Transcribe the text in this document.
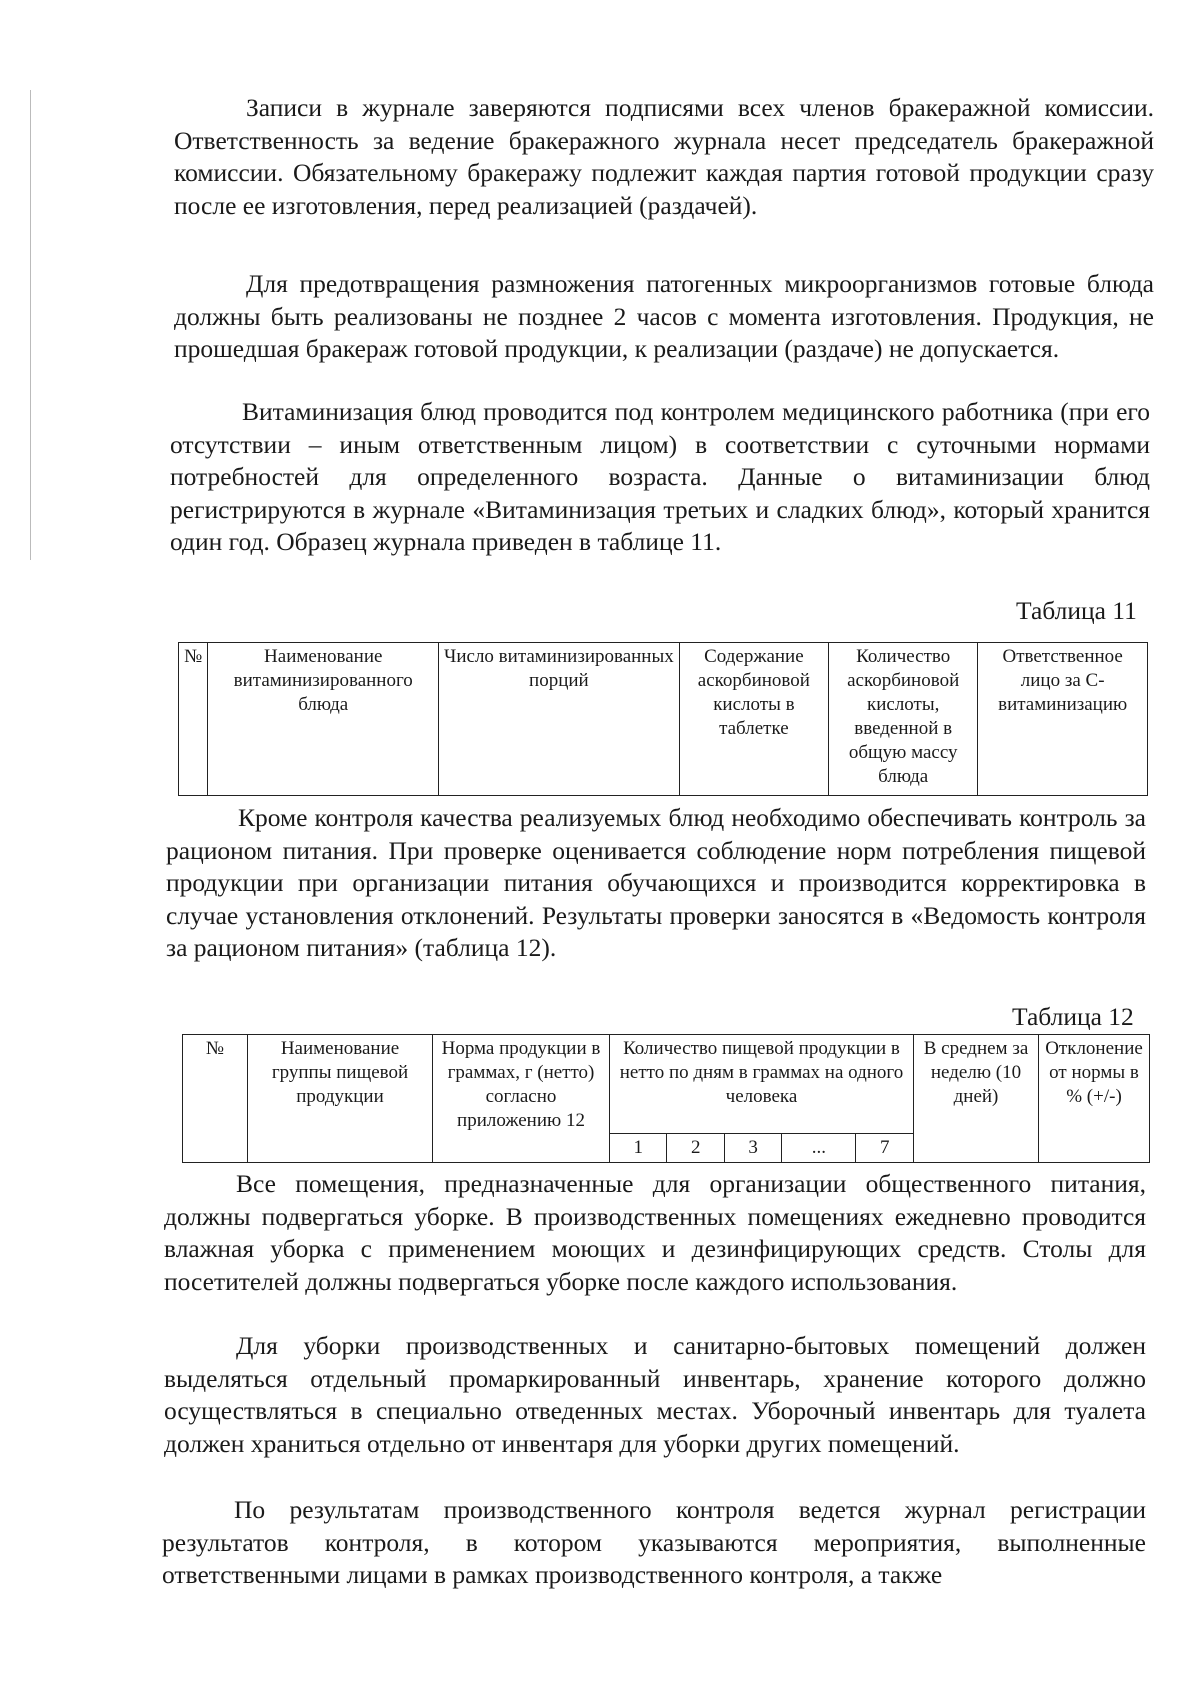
Записи в журнале заверяются подписями всех членов бракеражной комиссии. Ответственность за ведение бракеражного журнала несет председатель бракеражной комиссии. Обязательному бракеражу подлежит каждая партия готовой продукции сразу после ее изготовления, перед реализацией (раздачей).

Для предотвращения размножения патогенных микроорганизмов готовые блюда должны быть реализованы не позднее 2 часов с момента изготовления. Продукция, не прошедшая бракераж готовой продукции, к реализации (раздаче) не допускается.

Витаминизация блюд проводится под контролем медицинского работника (при его отсутствии – иным ответственным лицом) в соответствии с суточными нормами потребностей для определенного возраста. Данные о витаминизации блюд регистрируются в журнале «Витаминизация третьих и сладких блюд», который хранится один год. Образец журнала приведен в таблице 11.

Таблица 11
№	Наименование витаминизированного блюда	Число витаминизированных порций	Содержание аскорбиновой кислоты в таблетке	Количество аскорбиновой кислоты, введенной в общую массу блюда	Ответственное лицо за С-витаминизацию

Кроме контроля качества реализуемых блюд необходимо обеспечивать контроль за рационом питания. При проверке оценивается соблюдение норм потребления пищевой продукции при организации питания обучающихся и производится корректировка в случае установления отклонений. Результаты проверки заносятся в «Ведомость контроля за рационом питания» (таблица 12).

Таблица 12
№	Наименование группы пищевой продукции	Норма продукции в граммах, г (нетто) согласно приложению 12	Количество пищевой продукции в нетто по дням в граммах на одного человека					В среднем за неделю (10 дней)	Отклонение от нормы в % (+/-)
			1	2	3	...	7		

Все помещения, предназначенные для организации общественного питания, должны подвергаться уборке. В производственных помещениях ежедневно проводится влажная уборка с применением моющих и дезинфицирующих средств. Столы для посетителей должны подвергаться уборке после каждого использования.

Для уборки производственных и санитарно-бытовых помещений должен выделяться отдельный промаркированный инвентарь, хранение которого должно осуществляться в специально отведенных местах. Уборочный инвентарь для туалета должен храниться отдельно от инвентаря для уборки других помещений.

По результатам производственного контроля ведется журнал регистрации результатов контроля, в котором указываются мероприятия, выполненные ответственными лицами в рамках производственного контроля, а также
